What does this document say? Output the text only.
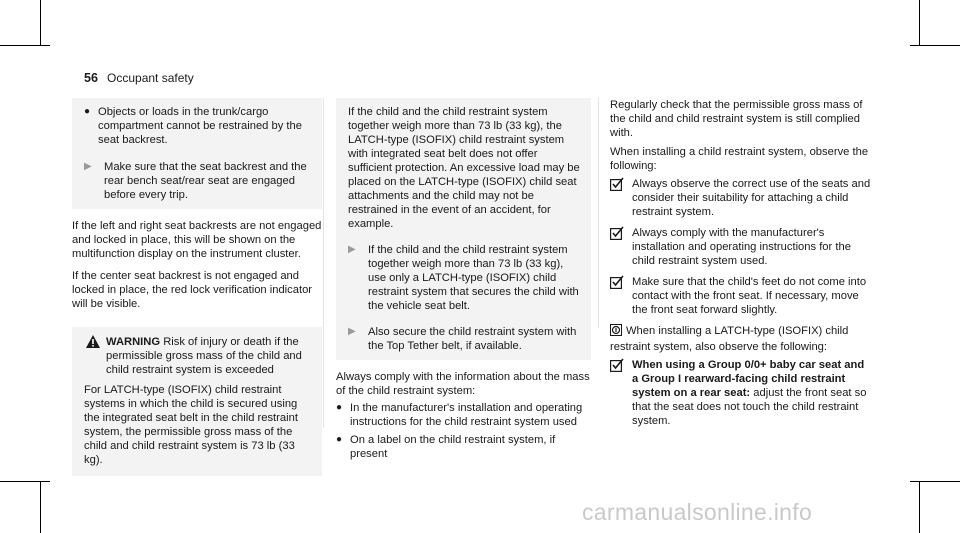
56 Occupant safety
● Objects or loads in the trunk/cargo compartment cannot be restrained by the seat backrest.
▶	Make sure that the seat backrest and the rear bench seat/rear seat are engaged before every trip.

If the left and right seat backrests are not engaged and locked in place, this will be shown on the multifunction display on the instrument cluster.

If the center seat backrest is not engaged and locked in place, the red lock verification indicator will be visible.

WARNING Risk of injury or death if the permissible gross mass of the child and child restraint system is exceeded
For LATCH-type (ISOFIX) child restraint systems in which the child is secured using the integrated seat belt in the child restraint system, the permissible gross mass of the child and child restraint system is 73 lb (33 kg).
If the child and the child restraint system together weigh more than 73 lb (33 kg), the LATCH-type (ISOFIX) child restraint system with integrated seat belt does not offer sufficient protection. An excessive load may be placed on the LATCH-type (ISOFIX) child seat attachments and the child may not be restrained in the event of an accident, for example.
▶	If the child and the child restraint system together weigh more than 73 lb (33 kg), use only a LATCH-type (ISOFIX) child restraint system that secures the child with the vehicle seat belt.
▶	Also secure the child restraint system with the Top Tether belt, if available.

Always comply with the information about the mass of the child restraint system:

● In the manufacturer's installation and operating instructions for the child restraint system used
● On a label on the child restraint system, if present

Regularly check that the permissible gross mass of the child and child restraint system is still complied with.

When installing a child restraint system, observe the following:

Always observe the correct use of the seats and consider their suitability for attaching a child restraint system.
Always comply with the manufacturer's installation and operating instructions for the child restraint system used.
Make sure that the child's feet do not come into contact with the front seat. If necessary, move the front seat forward slightly.

When installing a LATCH-type (ISOFIX) child restraint system, also observe the following:

When using a Group 0/0+ baby car seat and a Group I rearward-facing child restraint system on a rear seat: adjust the front seat so that the seat does not touch the child restraint system.
carmanualsonline.info
